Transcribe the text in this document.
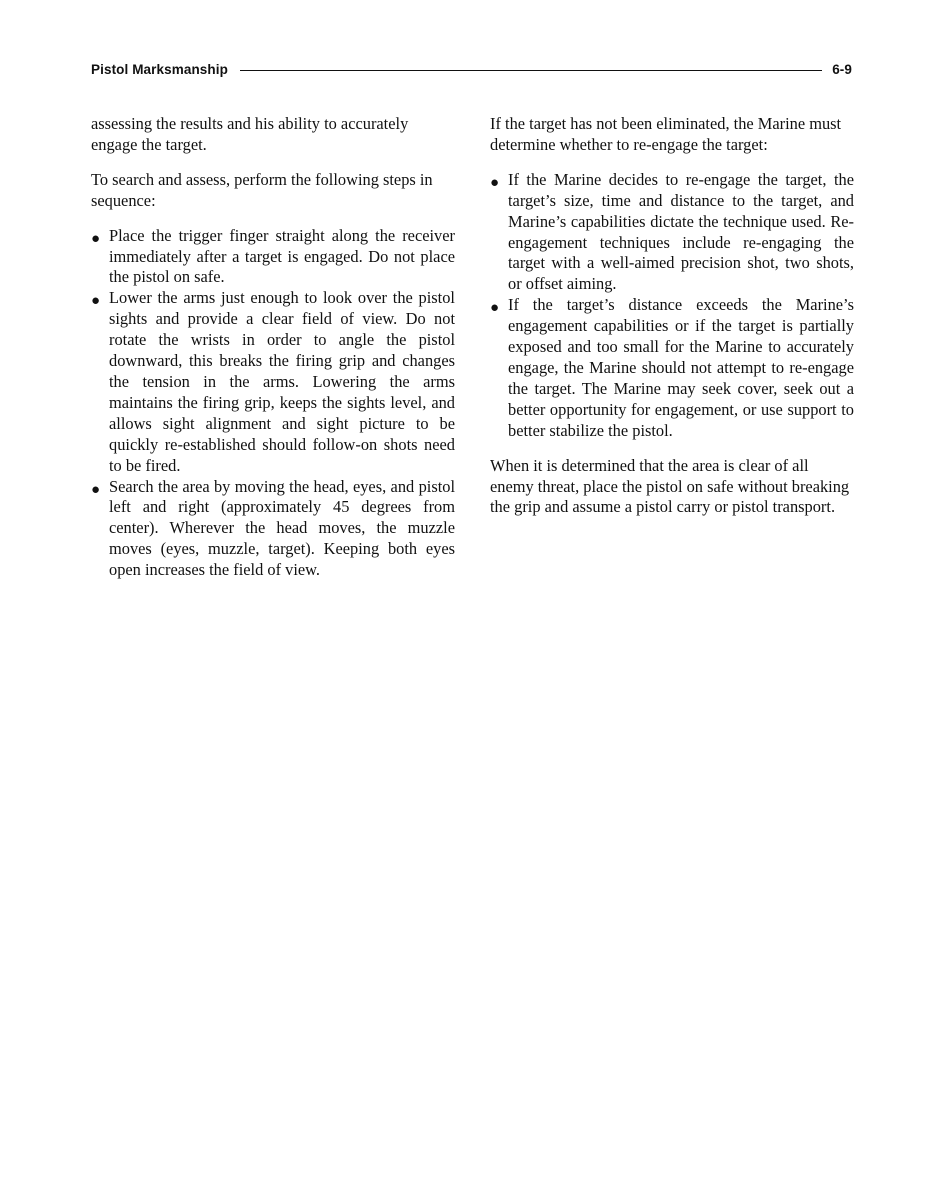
Pistol Marksmanship	6-9

assessing the results and his ability to accurately engage the target.

To search and assess, perform the following steps in sequence:

● Place the trigger finger straight along the receiver immediately after a target is engaged. Do not place the pistol on safe.
● Lower the arms just enough to look over the pistol sights and provide a clear field of view. Do not rotate the wrists in order to angle the pistol downward, this breaks the firing grip and changes the tension in the arms. Lowering the arms maintains the firing grip, keeps the sights level, and allows sight alignment and sight picture to be quickly re-established should follow-on shots need to be fired.
● Search the area by moving the head, eyes, and pistol left and right (approximately 45 degrees from center). Wherever the head moves, the muzzle moves (eyes, muzzle, target). Keeping both eyes open increases the field of view.

If the target has not been eliminated, the Marine must determine whether to re-engage the target:

● If the Marine decides to re-engage the target, the target’s size, time and distance to the target, and Marine’s capabilities dictate the technique used. Re-engagement techniques include re-engaging the target with a well-aimed precision shot, two shots, or offset aiming.
● If the target’s distance exceeds the Marine’s engagement capabilities or if the target is partially exposed and too small for the Marine to accurately engage, the Marine should not attempt to re-engage the target. The Marine may seek cover, seek out a better opportunity for engagement, or use support to better stabilize the pistol.

When it is determined that the area is clear of all enemy threat, place the pistol on safe without breaking the grip and assume a pistol carry or pistol transport.
